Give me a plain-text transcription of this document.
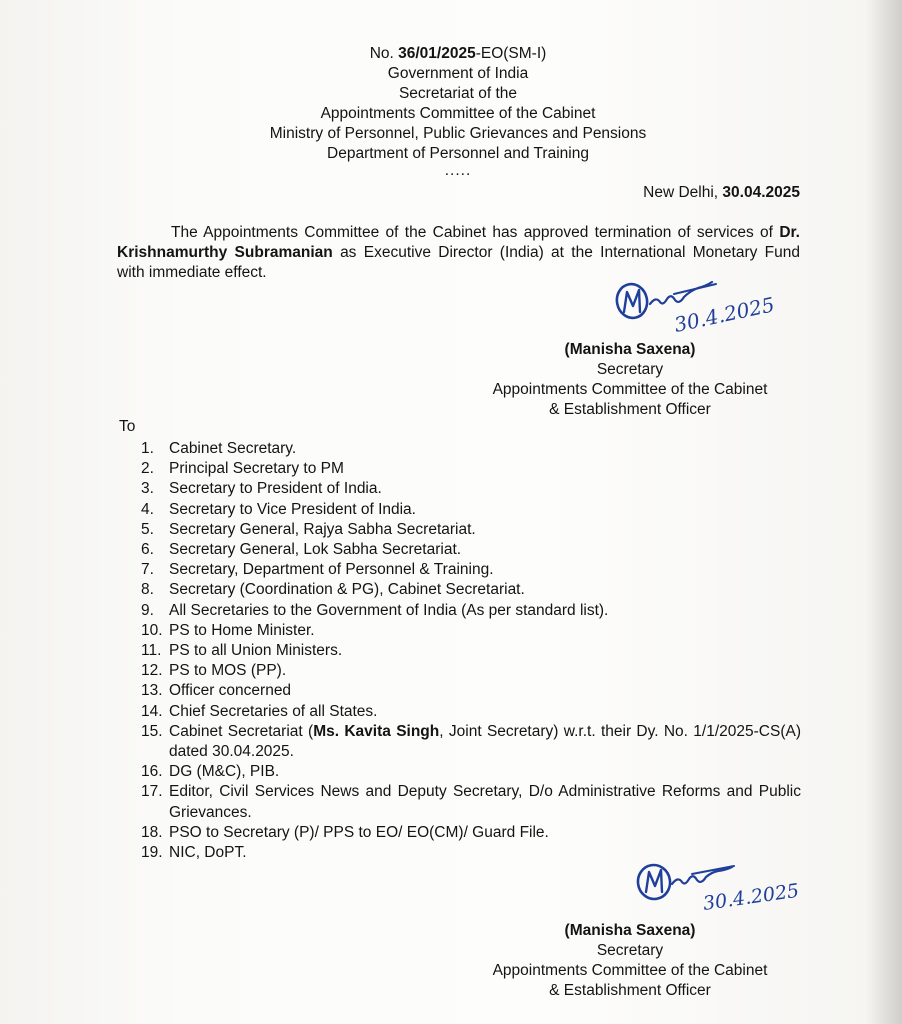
No. 36/01/2025-EO(SM-I)
Government of India
Secretariat of the
Appointments Committee of the Cabinet
Ministry of Personnel, Public Grievances and Pensions
Department of Personnel and Training
.....
New Delhi, 30.04.2025
The Appointments Committee of the Cabinet has approved termination of services of Dr. Krishnamurthy Subramanian as Executive Director (India) at the International Monetary Fund with immediate effect.
30.4.2025
(Manisha Saxena)
Secretary
Appointments Committee of the Cabinet
& Establishment Officer
To
1. Cabinet Secretary.
2. Principal Secretary to PM
3. Secretary to President of India.
4. Secretary to Vice President of India.
5. Secretary General, Rajya Sabha Secretariat.
6. Secretary General, Lok Sabha Secretariat.
7. Secretary, Department of Personnel & Training.
8. Secretary (Coordination & PG), Cabinet Secretariat.
9. All Secretaries to the Government of India (As per standard list).
10. PS to Home Minister.
11. PS to all Union Ministers.
12. PS to MOS (PP).
13. Officer concerned
14. Chief Secretaries of all States.
15. Cabinet Secretariat (Ms. Kavita Singh, Joint Secretary) w.r.t. their Dy. No. 1/1/2025-CS(A) dated 30.04.2025.
16. DG (M&C), PIB.
17. Editor, Civil Services News and Deputy Secretary, D/o Administrative Reforms and Public Grievances.
18. PSO to Secretary (P)/ PPS to EO/ EO(CM)/ Guard File.
19. NIC, DoPT.
30.4.2025
(Manisha Saxena)
Secretary
Appointments Committee of the Cabinet
& Establishment Officer
